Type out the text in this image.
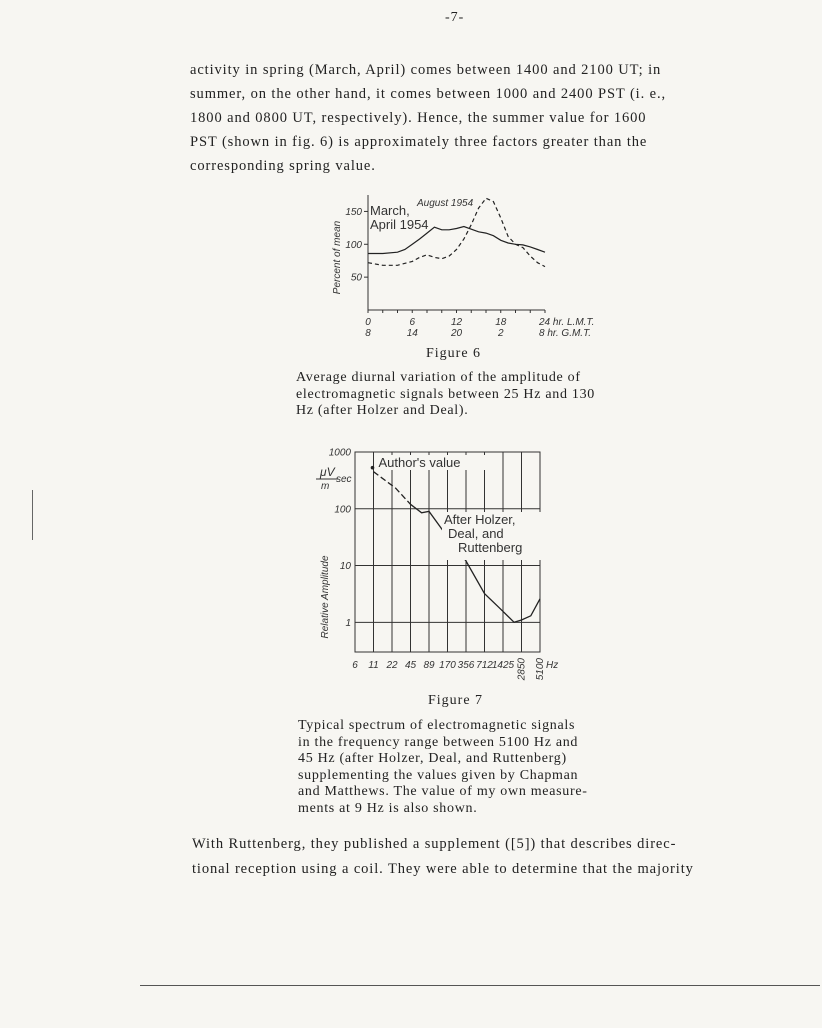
-7-
activity in spring (March, April) comes between 1400 and 2100 UT; in
summer, on the other hand, it comes between 1000 and 2400 PST (i. e.,
1800 and 0800 UT, respectively). Hence, the summer value for 1600
PST (shown in fig. 6) is approximately three factors greater than the
corresponding spring value.
50
100
150
0
8
6
14
12
20
18
2
24 hr. L.M.T.
8 hr. G.M.T.
Percent of mean
March, April 1954
August 1954
Figure 6
Average diurnal variation of the amplitude of
electromagnetic signals between 25 Hz and 130
Hz (after Holzer and Deal).
1
10
100
1000
6 11 22 45 89 170 356 712 1425 2850 5100 Hz
Relative Amplitude
μV
m
sec
Author's value
After Holzer, Deal, and Ruttenberg
Figure 7
Typical spectrum of electromagnetic signals
in the frequency range between 5100 Hz and
45 Hz (after Holzer, Deal, and Ruttenberg)
supplementing the values given by Chapman
and Matthews. The value of my own measure-
ments at 9 Hz is also shown.
With Ruttenberg, they published a supplement ([5]) that describes direc-
tional reception using a coil. They were able to determine that the majority
